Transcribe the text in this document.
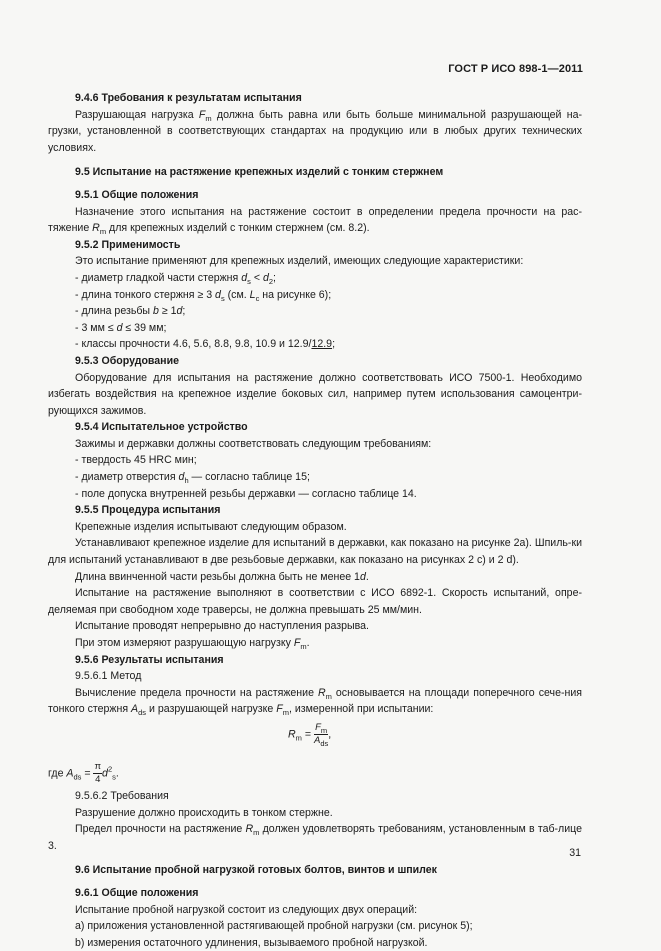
ГОСТ Р ИСО 898-1—2011

9.4.6 Требования к результатам испытания

Разрушающая нагрузка $F_m$ должна быть равна или быть больше минимальной разрушающей на-грузки, установленной в соответствующих стандартах на продукцию или в любых других технических условиях.

9.5 Испытание на растяжение крепежных изделий с тонким стержнем

9.5.1 Общие положения

Назначение этого испытания на растяжение состоит в определении предела прочности на рас-тяжение $R_m$ для крепежных изделий с тонким стержнем (см. 8.2).

9.5.2 Применимость

Это испытание применяют для крепежных изделий, имеющих следующие характеристики:

- диаметр гладкой части стержня $d_s < d_2$;

- длина тонкого стержня ≥ 3 $d_s$ (см. $L_c$ на рисунке 6);

- длина резьбы b ≥ 1d;

- 3 мм ≤ d ≤ 39 мм;

- классы прочности 4.6, 5.6, 8.8, 9.8, 10.9 и 12.9/12.9;

9.5.3 Оборудование

Оборудование для испытания на растяжение должно соответствовать ИСО 7500-1. Необходимо избегать воздействия на крепежное изделие боковых сил, например путем использования самоцентри-рующихся зажимов.

9.5.4 Испытательное устройство

Зажимы и державки должны соответствовать следующим требованиям:

- твердость 45 HRC мин;

- диаметр отверстия $d_h$ — согласно таблице 15;

- поле допуска внутренней резьбы державки — согласно таблице 14.

9.5.5 Процедура испытания

Крепежные изделия испытывают следующим образом.

Устанавливают крепежное изделие для испытаний в державки, как показано на рисунке 2а). Шпиль-ки для испытаний устанавливают в две резьбовые державки, как показано на рисунках 2 с) и 2 d).

Длина ввинченной части резьбы должна быть не менее 1d.

Испытание на растяжение выполняют в соответствии с ИСО 6892-1. Скорость испытаний, опре-деляемая при свободном ходе траверсы, не должна превышать 25 мм/мин.

Испытание проводят непрерывно до наступления разрыва.

При этом измеряют разрушающую нагрузку $F_m$.

9.5.6 Результаты испытания

9.5.6.1 Метод

Вычисление предела прочности на растяжение $R_m$ основывается на площади поперечного сече-ния тонкого стержня $A_{ds}$ и разрушающей нагрузке $F_m$, измеренной при испытании:

$R_m = \frac{F_m}{A_{ds}}$ ,
где $A_{ds} = \frac{\pi}{4} d^2_s$.

9.5.6.2 Требования

Разрушение должно происходить в тонком стержне.

Предел прочности на растяжение $R_m$ должен удовлетворять требованиям, установленным в таб-лице 3.

9.6 Испытание пробной нагрузкой готовых болтов, винтов и шпилек

9.6.1 Общие положения

Испытание пробной нагрузкой состоит из следующих двух операций:

a) приложения установленной растягивающей пробной нагрузки (см. рисунок 5);

b) измерения остаточного удлинения, вызываемого пробной нагрузкой.

31
